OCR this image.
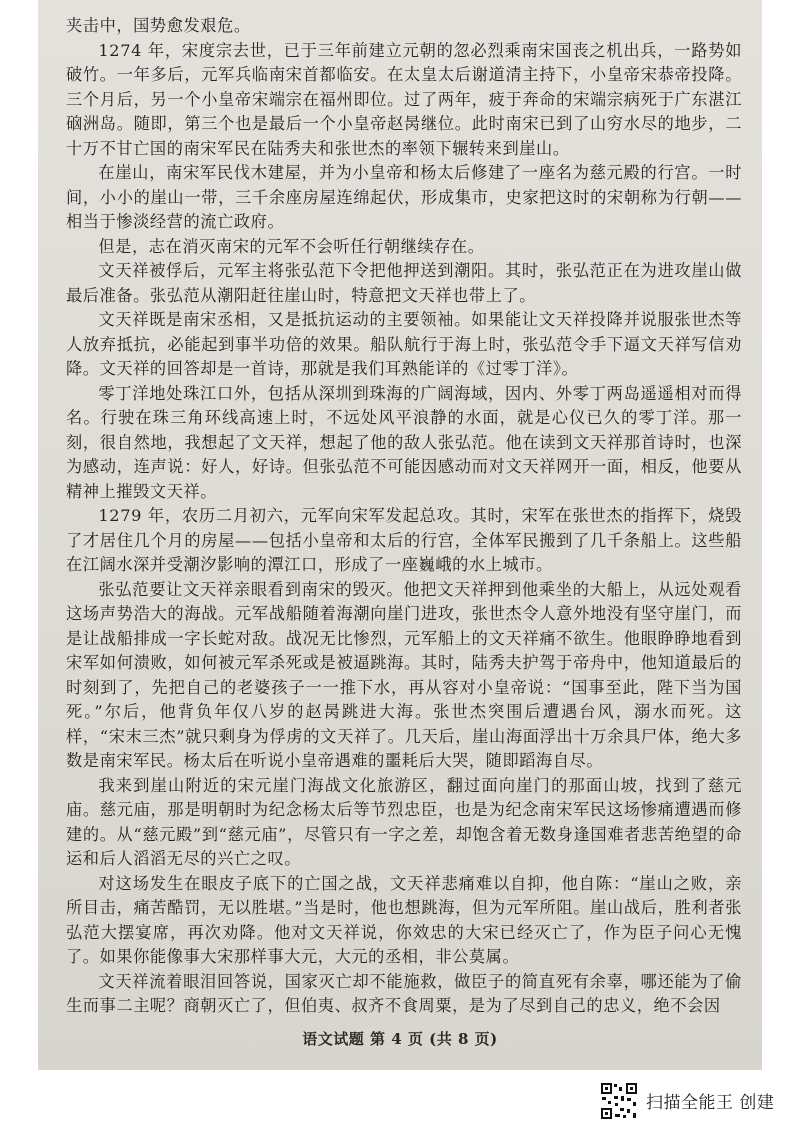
夹击中，国势愈发艰危。

1274 年，宋度宗去世，已于三年前建立元朝的忽必烈乘南宋国丧之机出兵，一路势如破竹。一年多后，元军兵临南宋首都临安。在太皇太后谢道清主持下，小皇帝宋恭帝投降。三个月后，另一个小皇帝宋端宗在福州即位。过了两年，疲于奔命的宋端宗病死于广东湛江硇洲岛。随即，第三个也是最后一个小皇帝赵昺继位。此时南宋已到了山穷水尽的地步，二十万不甘亡国的南宋军民在陆秀夫和张世杰的率领下辗转来到崖山。

在崖山，南宋军民伐木建屋，并为小皇帝和杨太后修建了一座名为慈元殿的行宫。一时间，小小的崖山一带，三千余座房屋连绵起伏，形成集市，史家把这时的宋朝称为行朝——相当于惨淡经营的流亡政府。

但是，志在消灭南宋的元军不会听任行朝继续存在。

文天祥被俘后，元军主将张弘范下令把他押送到潮阳。其时，张弘范正在为进攻崖山做最后准备。张弘范从潮阳赶往崖山时，特意把文天祥也带上了。

文天祥既是南宋丞相，又是抵抗运动的主要领袖。如果能让文天祥投降并说服张世杰等人放弃抵抗，必能起到事半功倍的效果。船队航行于海上时，张弘范令手下逼文天祥写信劝降。文天祥的回答却是一首诗，那就是我们耳熟能详的《过零丁洋》。

零丁洋地处珠江口外，包括从深圳到珠海的广阔海域，因内、外零丁两岛遥遥相对而得名。行驶在珠三角环线高速上时，不远处风平浪静的水面，就是心仪已久的零丁洋。那一刻，很自然地，我想起了文天祥，想起了他的敌人张弘范。他在读到文天祥那首诗时，也深为感动，连声说：好人，好诗。但张弘范不可能因感动而对文天祥网开一面，相反，他要从精神上摧毁文天祥。

1279 年，农历二月初六，元军向宋军发起总攻。其时，宋军在张世杰的指挥下，烧毁了才居住几个月的房屋——包括小皇帝和太后的行宫，全体军民搬到了几千条船上。这些船在江阔水深并受潮汐影响的潭江口，形成了一座巍峨的水上城市。

张弘范要让文天祥亲眼看到南宋的毁灭。他把文天祥押到他乘坐的大船上，从远处观看这场声势浩大的海战。元军战船随着海潮向崖门进攻，张世杰令人意外地没有坚守崖门，而是让战船排成一字长蛇对敌。战况无比惨烈，元军船上的文天祥痛不欲生。他眼睁睁地看到宋军如何溃败，如何被元军杀死或是被逼跳海。其时，陆秀夫护驾于帝舟中，他知道最后的时刻到了，先把自己的老婆孩子一一推下水，再从容对小皇帝说：“国事至此，陛下当为国死。”尔后，他背负年仅八岁的赵昺跳进大海。张世杰突围后遭遇台风，溺水而死。这样，“宋末三杰”就只剩身为俘虏的文天祥了。几天后，崖山海面浮出十万余具尸体，绝大多数是南宋军民。杨太后在听说小皇帝遇难的噩耗后大哭，随即蹈海自尽。

我来到崖山附近的宋元崖门海战文化旅游区，翻过面向崖门的那面山坡，找到了慈元庙。慈元庙，那是明朝时为纪念杨太后等节烈忠臣，也是为纪念南宋军民这场惨痛遭遇而修建的。从“慈元殿”到“慈元庙”，尽管只有一字之差，却饱含着无数身逢国难者悲苦绝望的命运和后人滔滔无尽的兴亡之叹。

对这场发生在眼皮子底下的亡国之战，文天祥悲痛难以自抑，他自陈：“崖山之败，亲所目击，痛苦酷罚，无以胜堪。”当是时，他也想跳海，但为元军所阻。崖山战后，胜利者张弘范大摆宴席，再次劝降。他对文天祥说，你效忠的大宋已经灭亡了，作为臣子问心无愧了。如果你能像事大宋那样事大元，大元的丞相，非公莫属。

文天祥流着眼泪回答说，国家灭亡却不能施救，做臣子的简直死有余辜，哪还能为了偷生而事二主呢？商朝灭亡了，但伯夷、叔齐不食周粟，是为了尽到自己的忠义，绝不会因

语文试题 第 4 页 (共 8 页)
扫描全能王 创建
